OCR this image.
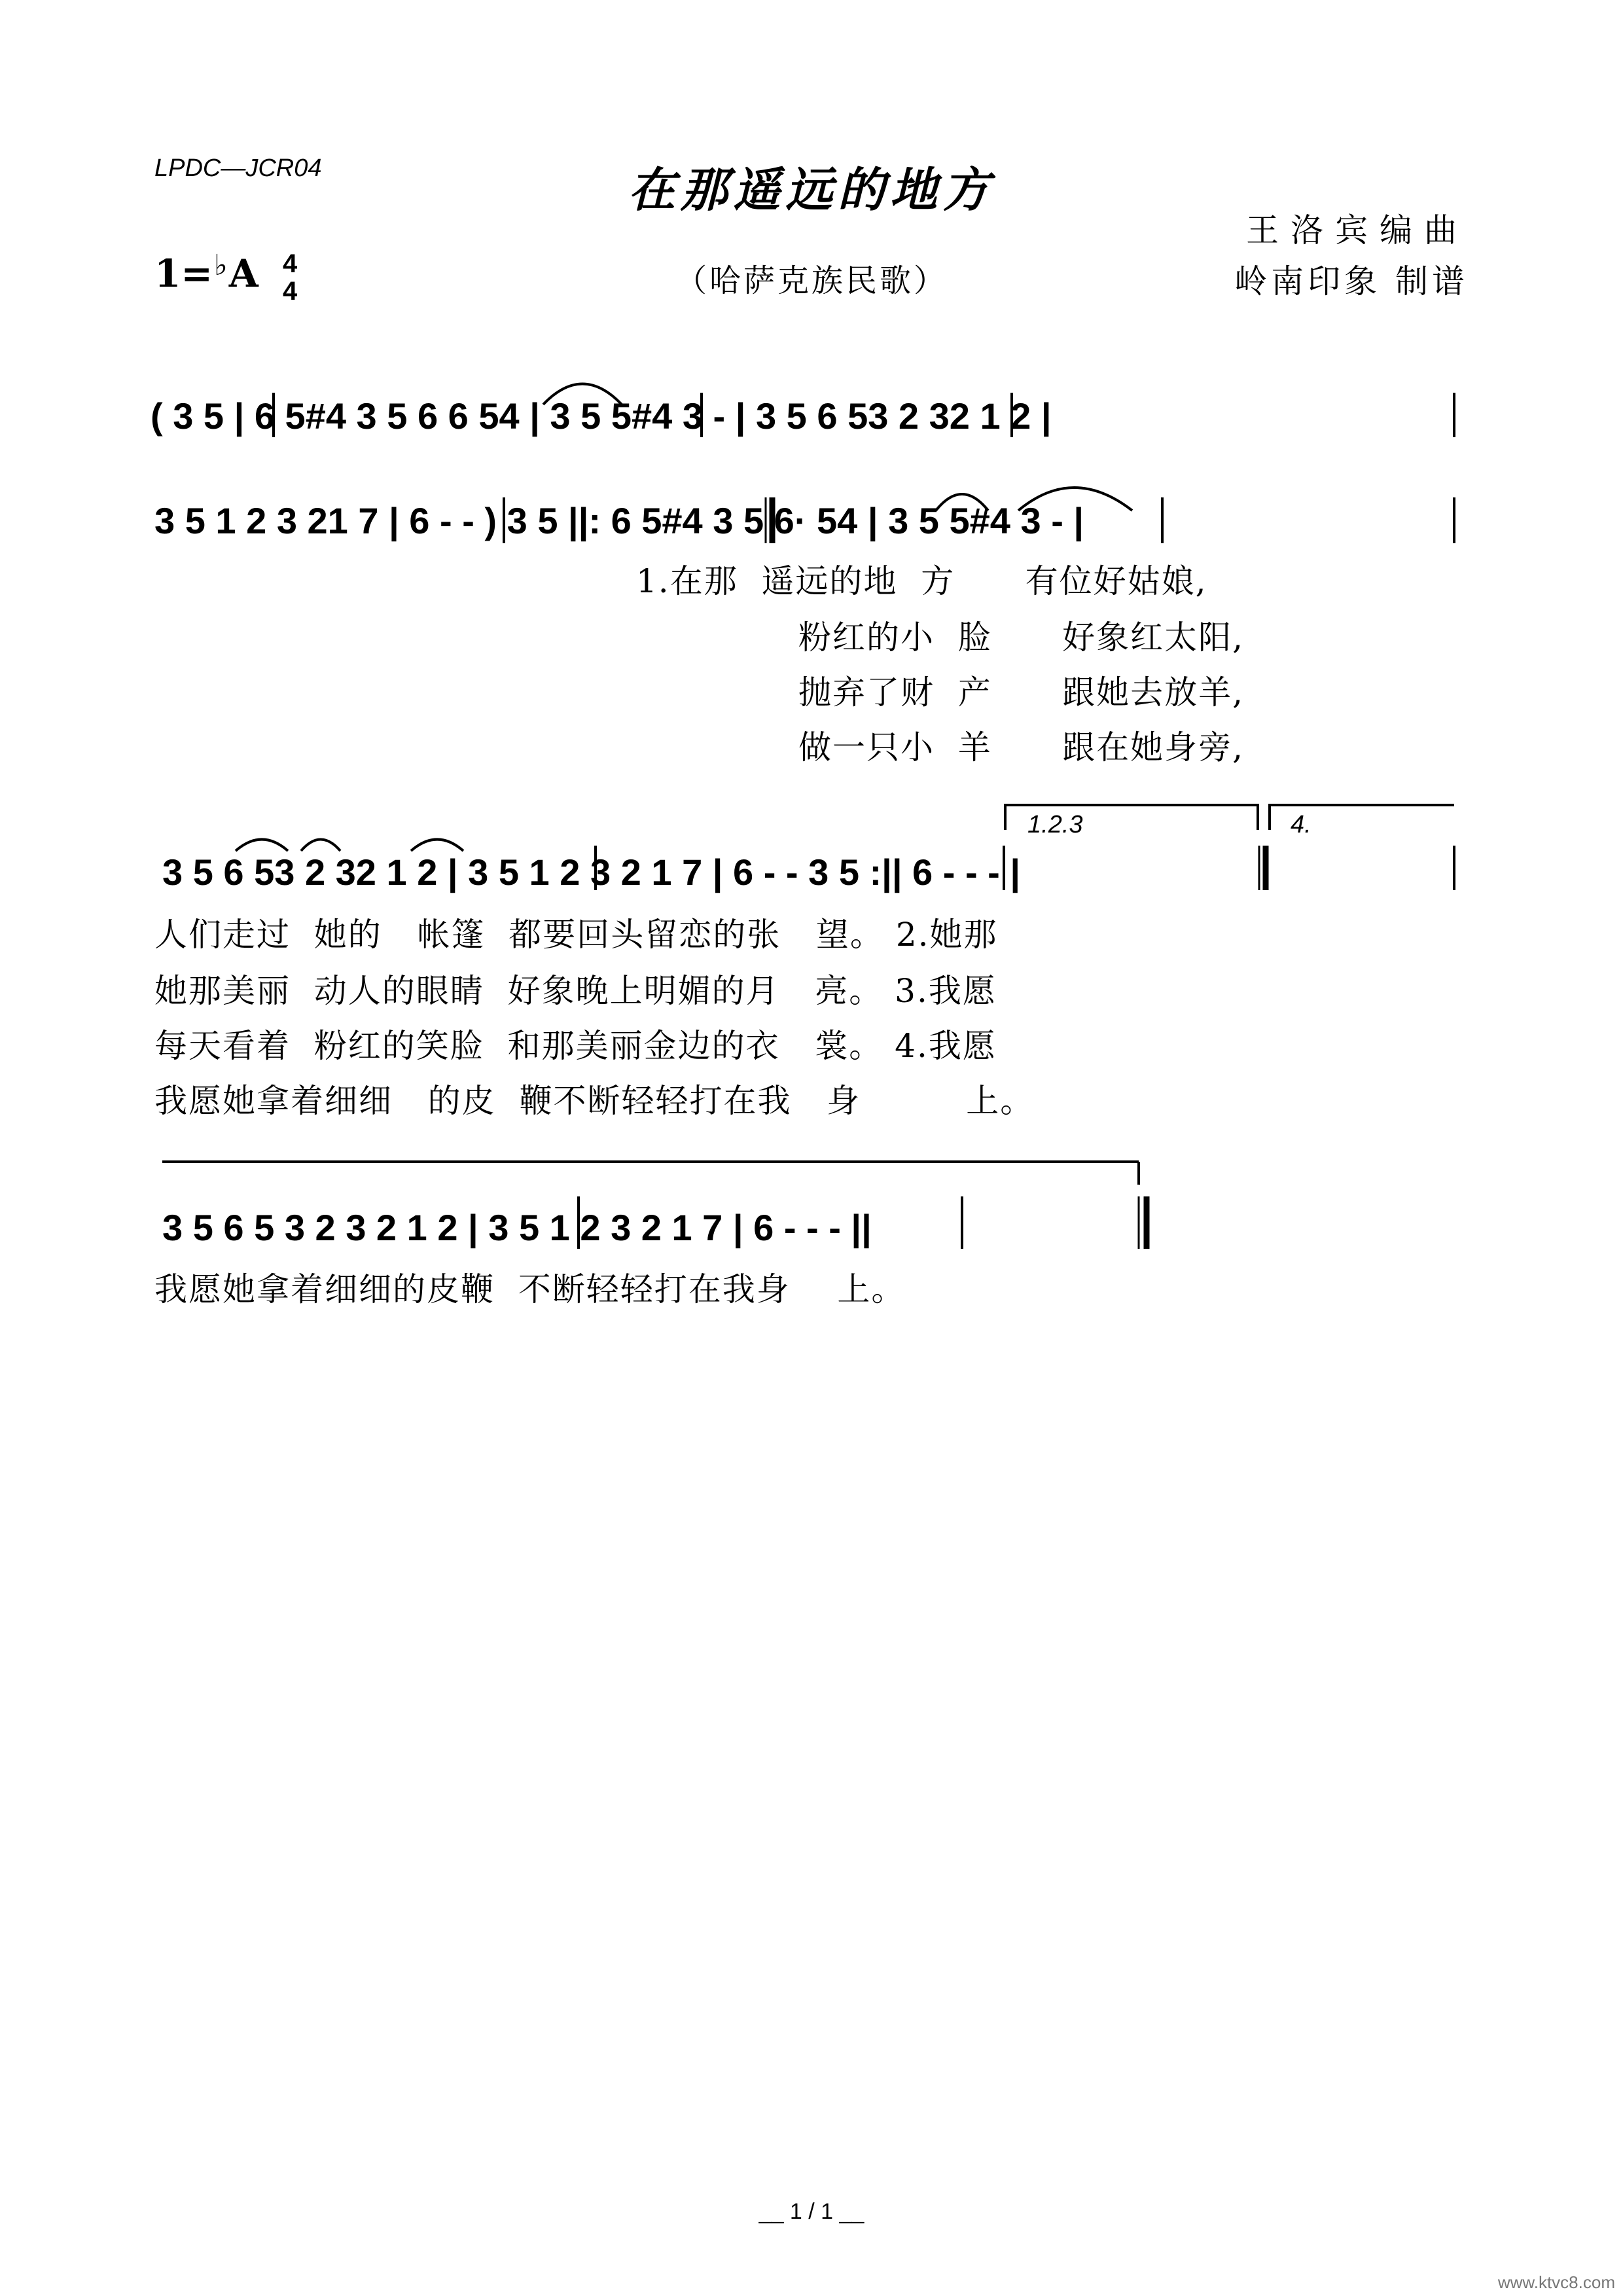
LPDC—JCR04	在那遥远的地方
王洛宾编曲
岭南印象 制谱
1=♭A 4
4	（哈萨克族民歌）
( 3 5 | 6 5#4 3 5 6 6 54 | 3 5 5#4 3 - | 3 5 6 53 2 32 1 2 |
3 5 1 2 3 21 7 | 6 - - ) 3 5 ||: 6 5#4 3 5 6· 54 | 3 5 5#4 3 - |
3 5 6 53 2 32 1 2 | 3 5 1 2 3 2 1 7 | 6 - - 3 5 :|| 6 - - - |
3 5 6 5 3 2 3 2 1 2 | 3 5 1 2 3 2 1 7 | 6 - - - ||
1.2.3	4.
1.在那  遥远的地  方      有位好姑娘,
粉红的小  脸      好象红太阳,
抛弃了财  产      跟她去放羊,
做一只小  羊      跟在她身旁,
人们走过  她的   帐篷  都要回头留恋的张   望。 2.她那
她那美丽  动人的眼睛  好象晚上明媚的月   亮。 3.我愿
每天看着  粉红的笑脸  和那美丽金边的衣   裳。 4.我愿
我愿她拿着细细   的皮  鞭不断轻轻打在我   身         上。
我愿她拿着细细的皮鞭  不断轻轻打在我身    上。
__ 1 / 1 __
www.ktvc8.com
